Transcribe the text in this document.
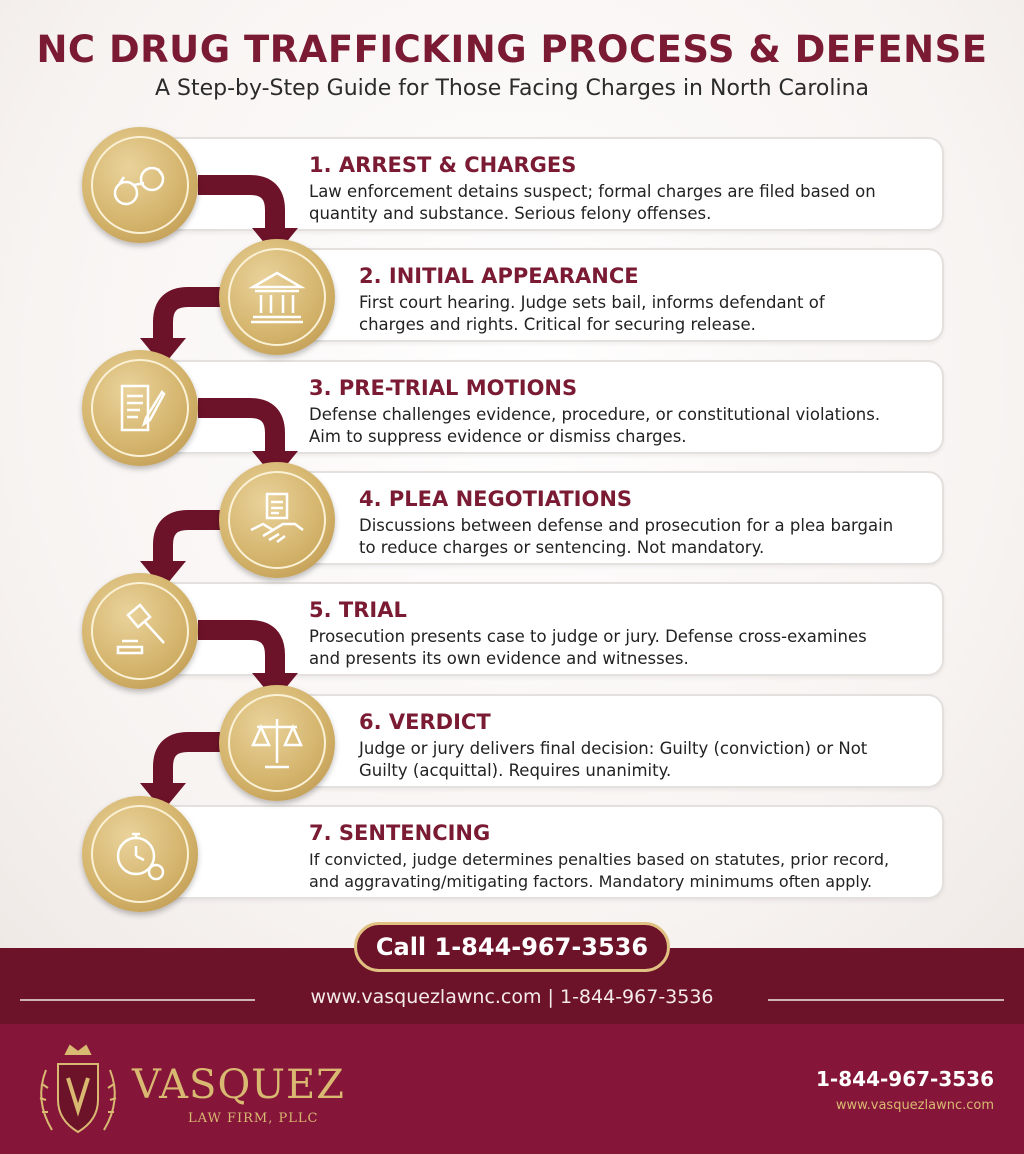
NC DRUG TRAFFICKING PROCESS & DEFENSE

A Step-by-Step Guide for Those Facing Charges in North Carolina

1. ARREST & CHARGES
Law enforcement detains suspect; formal charges are filed based on
quantity and substance. Serious felony offenses.
2. INITIAL APPEARANCE
First court hearing. Judge sets bail, informs defendant of
charges and rights. Critical for securing release.
3. PRE-TRIAL MOTIONS
Defense challenges evidence, procedure, or constitutional violations.
Aim to suppress evidence or dismiss charges.
4. PLEA NEGOTIATIONS
Discussions between defense and prosecution for a plea bargain
to reduce charges or sentencing. Not mandatory.
5. TRIAL
Prosecution presents case to judge or jury. Defense cross-examines
and presents its own evidence and witnesses.
6. VERDICT
Judge or jury delivers final decision: Guilty (conviction) or Not
Guilty (acquittal). Requires unanimity.
7. SENTENCING
If convicted, judge determines penalties based on statutes, prior record,
and aggravating/mitigating factors. Mandatory minimums often apply.
Call 1-844-967-3536
www.vasquezlawnc.com | 1-844-967-3536
VASQUEZ
LAW FIRM, PLLC
1-844-967-3536
www.vasquezlawnc.com
